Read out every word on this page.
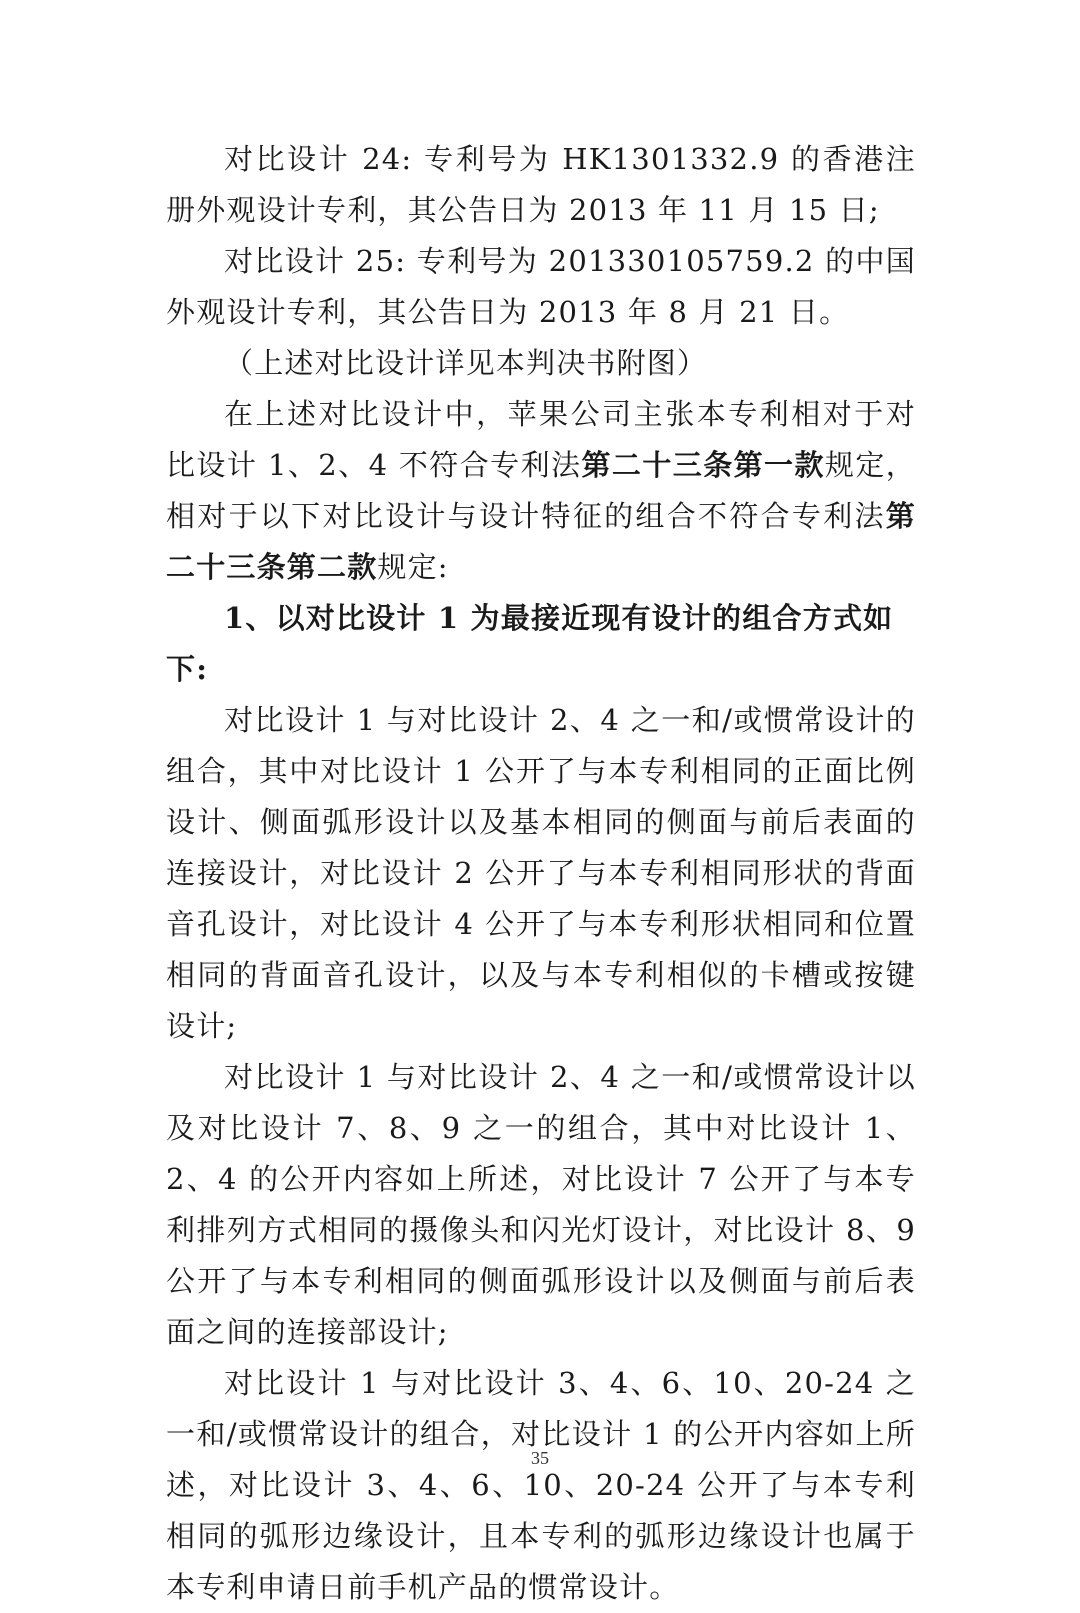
对比设计 24: 专利号为 HK1301332.9 的香港注册外观设计专利，其公告日为 2013 年 11 月 15 日;

对比设计 25: 专利号为 201330105759.2 的中国外观设计专利，其公告日为 2013 年 8 月 21 日。

（上述对比设计详见本判决书附图）

在上述对比设计中，苹果公司主张本专利相对于对比设计 1、2、4 不符合专利法第二十三条第一款规定，相对于以下对比设计与设计特征的组合不符合专利法第二十三条第二款规定:

1、以对比设计 1 为最接近现有设计的组合方式如下:

对比设计 1 与对比设计 2、4 之一和/或惯常设计的组合，其中对比设计 1 公开了与本专利相同的正面比例设计、侧面弧形设计以及基本相同的侧面与前后表面的连接设计，对比设计 2 公开了与本专利相同形状的背面音孔设计，对比设计 4 公开了与本专利形状相同和位置相同的背面音孔设计，以及与本专利相似的卡槽或按键设计;

对比设计 1 与对比设计 2、4 之一和/或惯常设计以及对比设计 7、8、9 之一的组合，其中对比设计 1、2、4 的公开内容如上所述，对比设计 7 公开了与本专利排列方式相同的摄像头和闪光灯设计，对比设计 8、9 公开了与本专利相同的侧面弧形设计以及侧面与前后表面之间的连接部设计;

对比设计 1 与对比设计 3、4、6、10、20-24 之一和/或惯常设计的组合，对比设计 1 的公开内容如上所述，对比设计 3、4、6、10、20-24 公开了与本专利相同的弧形边缘设计，且本专利的弧形边缘设计也属于本专利申请日前手机产品的惯常设计。

35
